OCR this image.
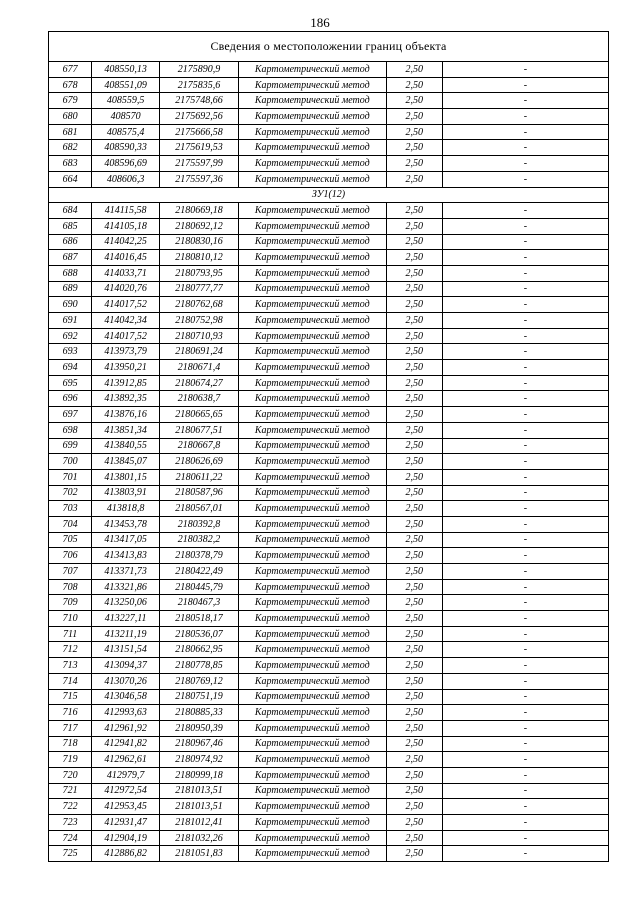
186
Сведения о местоположении границ объекта					
677	408550,13	2175890,9	Картометрический метод	2,50	-
678	408551,09	2175835,6	Картометрический метод	2,50	-
679	408559,5	2175748,66	Картометрический метод	2,50	-
680	408570	2175692,56	Картометрический метод	2,50	-
681	408575,4	2175666,58	Картометрический метод	2,50	-
682	408590,33	2175619,53	Картометрический метод	2,50	-
683	408596,69	2175597,99	Картометрический метод	2,50	-
664	408606,3	2175597,36	Картометрический метод	2,50	-
ЗУ1(12)					
684	414115,58	2180669,18	Картометрический метод	2,50	-
685	414105,18	2180692,12	Картометрический метод	2,50	-
686	414042,25	2180830,16	Картометрический метод	2,50	-
687	414016,45	2180810,12	Картометрический метод	2,50	-
688	414033,71	2180793,95	Картометрический метод	2,50	-
689	414020,76	2180777,77	Картометрический метод	2,50	-
690	414017,52	2180762,68	Картометрический метод	2,50	-
691	414042,34	2180752,98	Картометрический метод	2,50	-
692	414017,52	2180710,93	Картометрический метод	2,50	-
693	413973,79	2180691,24	Картометрический метод	2,50	-
694	413950,21	2180671,4	Картометрический метод	2,50	-
695	413912,85	2180674,27	Картометрический метод	2,50	-
696	413892,35	2180638,7	Картометрический метод	2,50	-
697	413876,16	2180665,65	Картометрический метод	2,50	-
698	413851,34	2180677,51	Картометрический метод	2,50	-
699	413840,55	2180667,8	Картометрический метод	2,50	-
700	413845,07	2180626,69	Картометрический метод	2,50	-
701	413801,15	2180611,22	Картометрический метод	2,50	-
702	413803,91	2180587,96	Картометрический метод	2,50	-
703	413818,8	2180567,01	Картометрический метод	2,50	-
704	413453,78	2180392,8	Картометрический метод	2,50	-
705	413417,05	2180382,2	Картометрический метод	2,50	-
706	413413,83	2180378,79	Картометрический метод	2,50	-
707	413371,73	2180422,49	Картометрический метод	2,50	-
708	413321,86	2180445,79	Картометрический метод	2,50	-
709	413250,06	2180467,3	Картометрический метод	2,50	-
710	413227,11	2180518,17	Картометрический метод	2,50	-
711	413211,19	2180536,07	Картометрический метод	2,50	-
712	413151,54	2180662,95	Картометрический метод	2,50	-
713	413094,37	2180778,85	Картометрический метод	2,50	-
714	413070,26	2180769,12	Картометрический метод	2,50	-
715	413046,58	2180751,19	Картометрический метод	2,50	-
716	412993,63	2180885,33	Картометрический метод	2,50	-
717	412961,92	2180950,39	Картометрический метод	2,50	-
718	412941,82	2180967,46	Картометрический метод	2,50	-
719	412962,61	2180974,92	Картометрический метод	2,50	-
720	412979,7	2180999,18	Картометрический метод	2,50	-
721	412972,54	2181013,51	Картометрический метод	2,50	-
722	412953,45	2181013,51	Картометрический метод	2,50	-
723	412931,47	2181012,41	Картометрический метод	2,50	-
724	412904,19	2181032,26	Картометрический метод	2,50	-
725	412886,82	2181051,83	Картометрический метод	2,50	-
